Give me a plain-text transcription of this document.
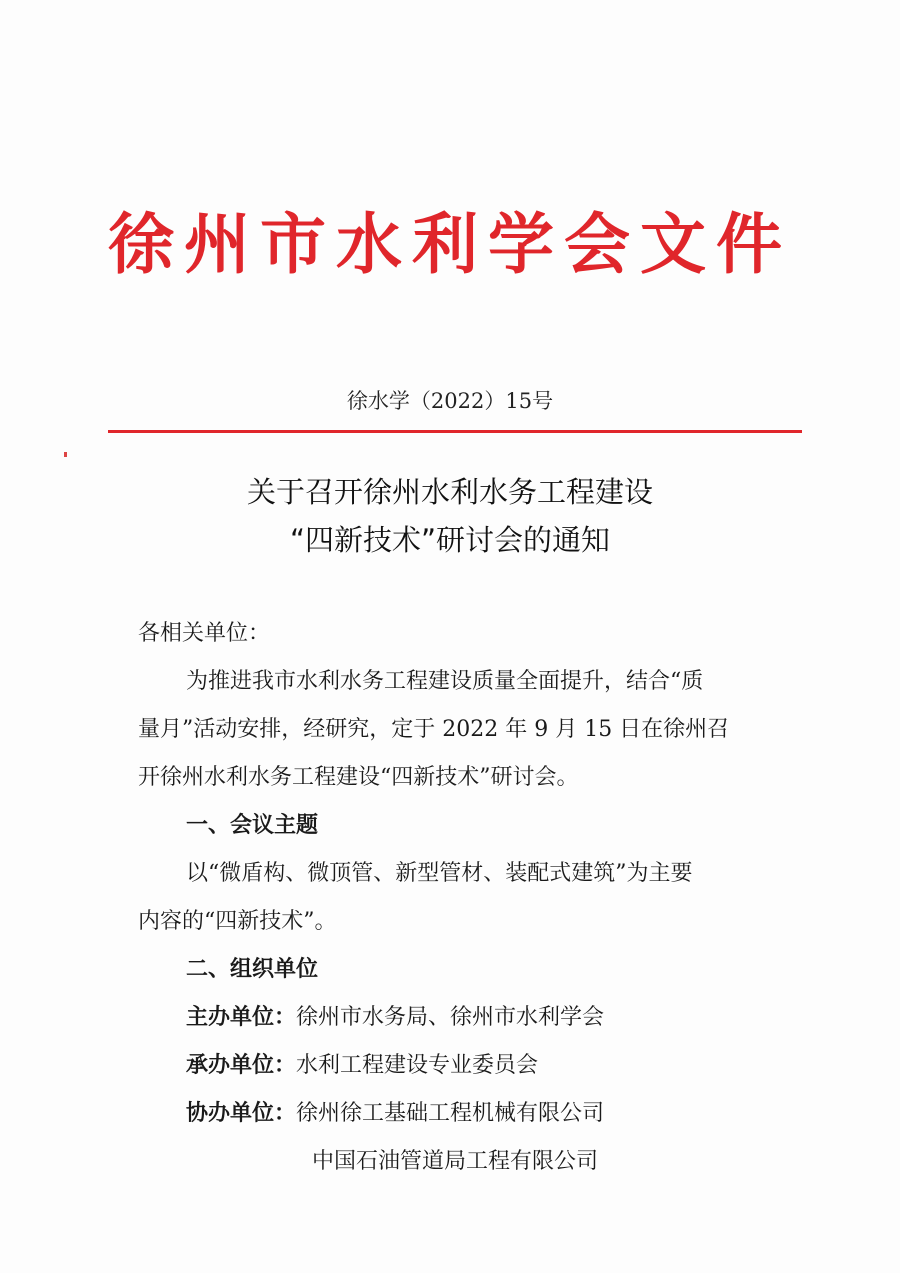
徐州市水利学会文件
徐水学（2022）15号
关于召开徐州水利水务工程建设
“四新技术”研讨会的通知
各相关单位：
为推进我市水利水务工程建设质量全面提升，结合“质
量月”活动安排，经研究，定于 2022 年 9 月 15 日在徐州召
开徐州水利水务工程建设“四新技术”研讨会。
一、会议主题
以“微盾构、微顶管、新型管材、装配式建筑”为主要
内容的“四新技术”。
二、组织单位
主办单位：徐州市水务局、徐州市水利学会
承办单位：水利工程建设专业委员会
协办单位：徐州徐工基础工程机械有限公司
中国石油管道局工程有限公司
